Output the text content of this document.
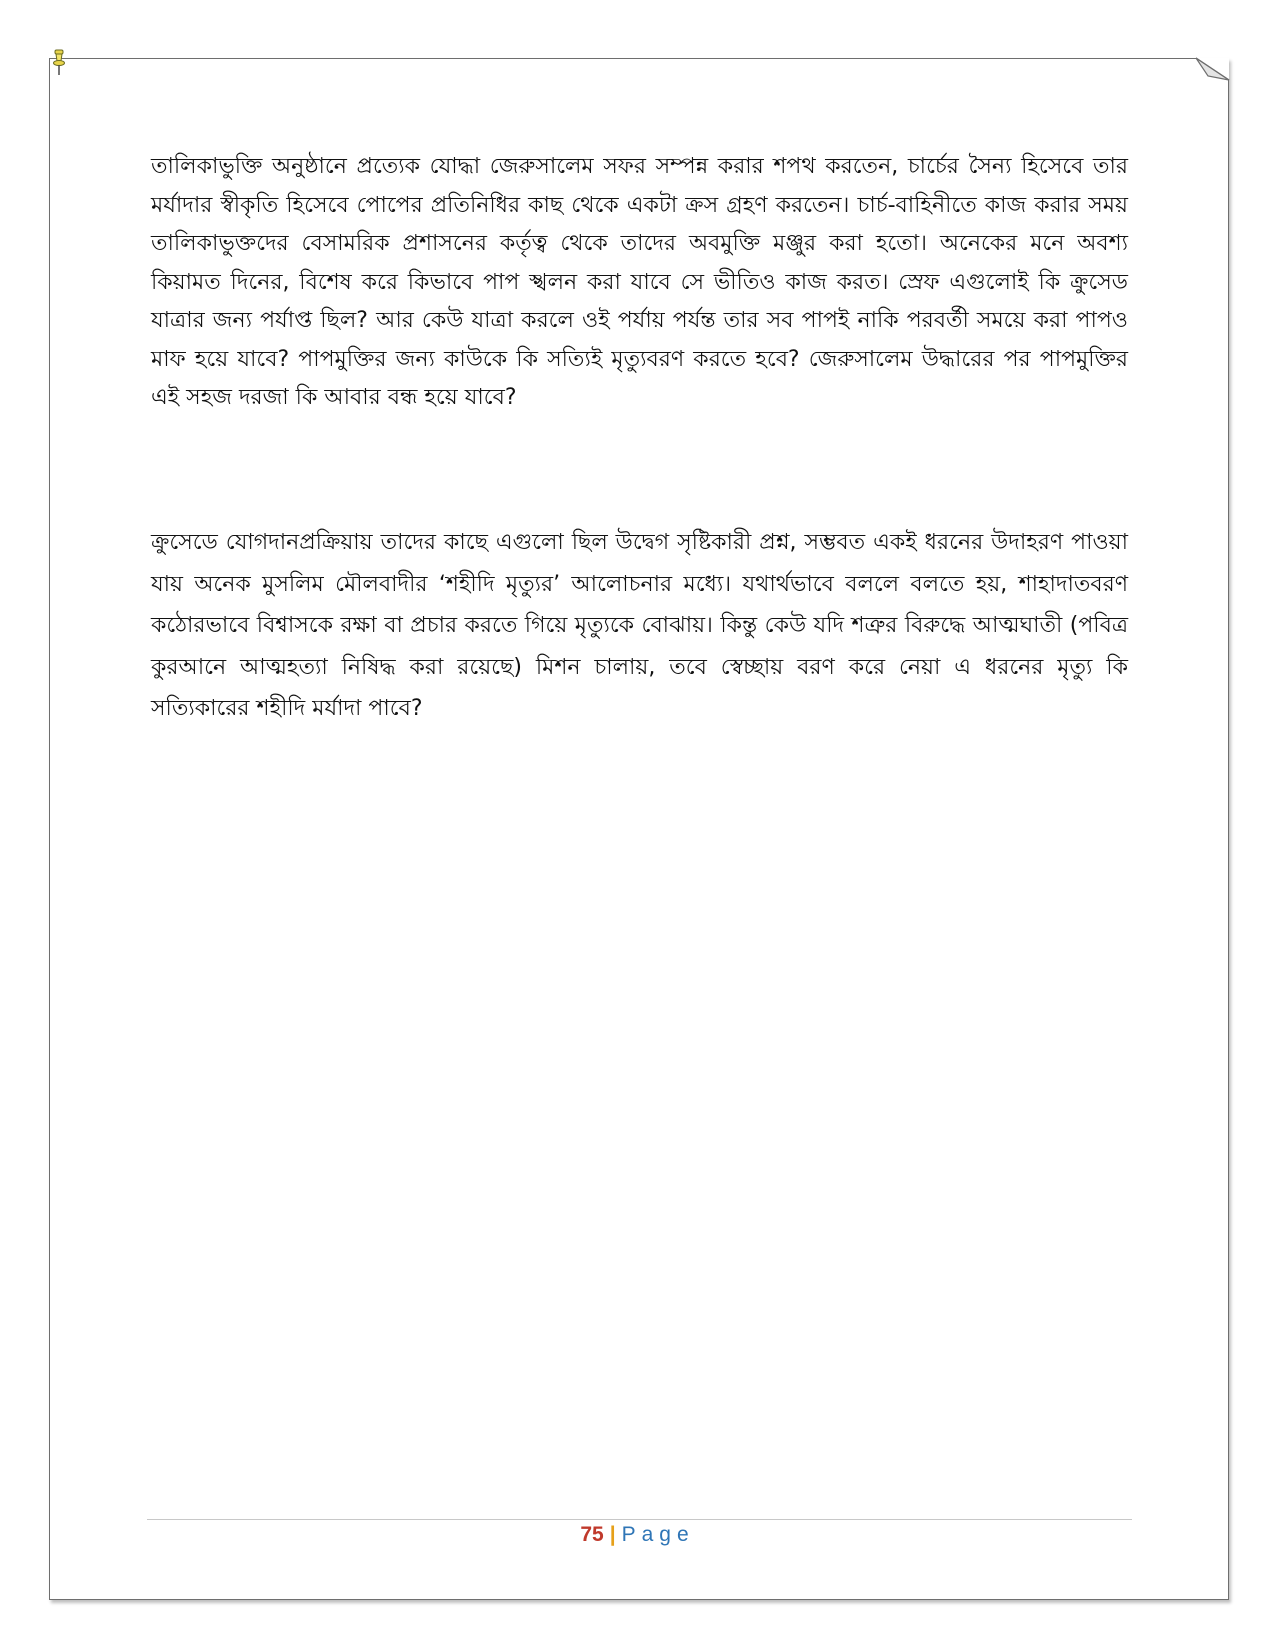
তালিকাভুক্তি অনুষ্ঠানে প্রত্যেক যোদ্ধা জেরুসালেম সফর সম্পন্ন করার শপথ করতেন, চার্চের সৈন্য হিসেবে তার মর্যাদার স্বীকৃতি হিসেবে পোপের প্রতিনিধির কাছ থেকে একটা ক্রস গ্রহণ করতেন। চার্চ-বাহিনীতে কাজ করার সময় তালিকাভুক্তদের বেসামরিক প্রশাসনের কর্তৃত্ব থেকে তাদের অবমুক্তি মঞ্জুর করা হতো। অনেকের মনে অবশ্য কিয়ামত দিনের, বিশেষ করে কিভাবে পাপ স্খলন করা যাবে সে ভীতিও কাজ করত। স্রেফ এগুলোই কি ক্রুসেড যাত্রার জন্য পর্যাপ্ত ছিল? আর কেউ যাত্রা করলে ওই পর্যায় পর্যন্ত তার সব পাপই নাকি পরবর্তী সময়ে করা পাপও মাফ হয়ে যাবে? পাপমুক্তির জন্য কাউকে কি সত্যিই মৃত্যুবরণ করতে হবে? জেরুসালেম উদ্ধারের পর পাপমুক্তির এই সহজ দরজা কি আবার বন্ধ হয়ে যাবে?

ক্রুসেডে যোগদানপ্রক্রিয়ায় তাদের কাছে এগুলো ছিল উদ্বেগ সৃষ্টিকারী প্রশ্ন, সম্ভবত একই ধরনের উদাহরণ পাওয়া যায় অনেক মুসলিম মৌলবাদীর ‘শহীদি মৃত্যুর’ আলোচনার মধ্যে। যথার্থভাবে বললে বলতে হয়, শাহাদাতবরণ কঠোরভাবে বিশ্বাসকে রক্ষা বা প্রচার করতে গিয়ে মৃত্যুকে বোঝায়। কিন্তু কেউ যদি শত্রুর বিরুদ্ধে আত্মঘাতী (পবিত্র কুরআনে আত্মহত্যা নিষিদ্ধ করা রয়েছে) মিশন চালায়, তবে স্বেচ্ছায় বরণ করে নেয়া এ ধরনের মৃত্যু কি সত্যিকারের শহীদি মর্যাদা পাবে?

75 | Page
